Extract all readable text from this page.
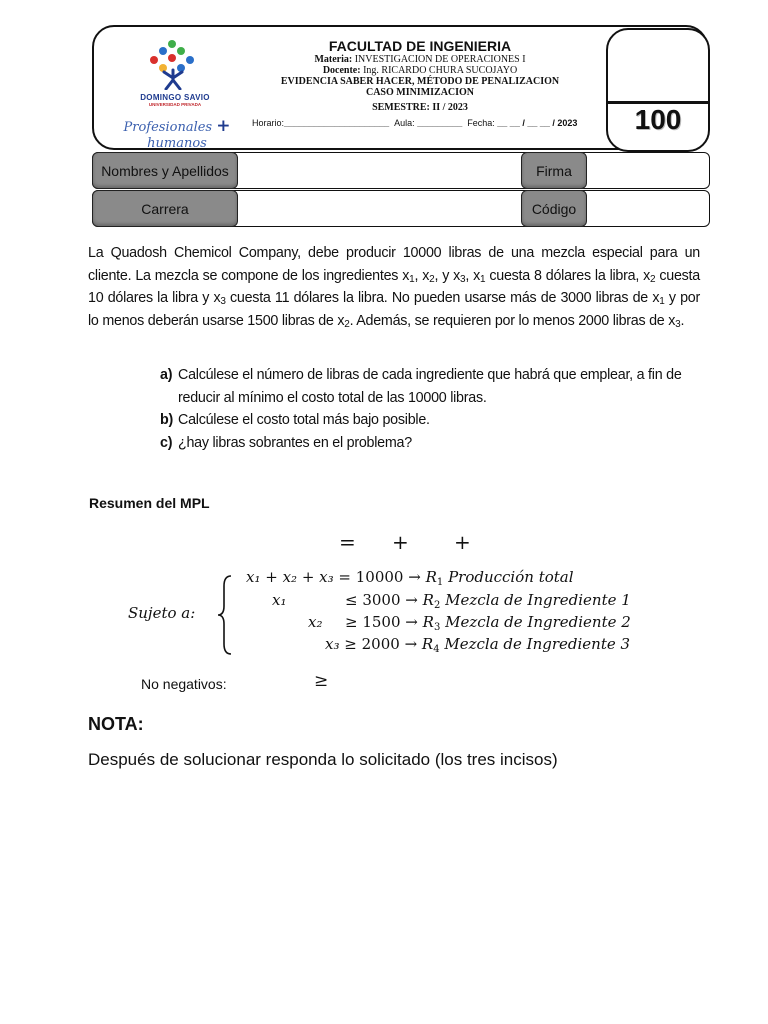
DOMINGO SAVIO
UNIVERSIDAD PRIVADA
Profesionales + humanos
FACULTAD DE INGENIERIA
Materia: INVESTIGACION DE OPERACIONES I
Docente: Ing. RICARDO CHURA SUCOJAYO
EVIDENCIA SABER HACER, MÉTODO DE PENALIZACION
CASO MINIMIZACION
SEMESTRE: II / 2023
Horario:_____________________ Aula: _________ Fecha: __ __ / __ __ / 2023	100
Nombres y Apellidos	Firma
Carrera	Código
La Quadosh Chemicol Company, debe producir 10000 libras de una mezcla especial para un cliente. La mezcla se compone de los ingredientes $x_1$, $x_2$, y $x_3$, $x_1$ cuesta 8 dólares la libra, $x_2$ cuesta 10 dólares la libra y $x_3$ cuesta 11 dólares la libra. No pueden usarse más de 3000 libras de $x_1$ y por lo menos deberán usarse 1500 libras de $x_2$. Además, se requieren por lo menos 2000 libras de $x_3$.
a) Calcúlese el número de libras de cada ingrediente que habrá que emplear, a fin de reducir al mínimo el costo total de las 10000 libras.
b) Calcúlese el costo total más bajo posible.
c) ¿hay libras sobrantes en el problema?
Resumen del MPL
= + +
Sujeto a:
$x_1 + x_2 + x_3 = 10000 \to R_1$ Producción total
x₁	≤ $3000 \to R_2$ Mezcla de Ingrediente 1
$x_2 \ge 1500 \to R_3$ Mezcla de Ingrediente 2
$x_3 \ge 2000 \to R_4$ Mezcla de Ingrediente 3
No negativos:	≥
NOTA:
Después de solucionar responda lo solicitado (los tres incisos)
